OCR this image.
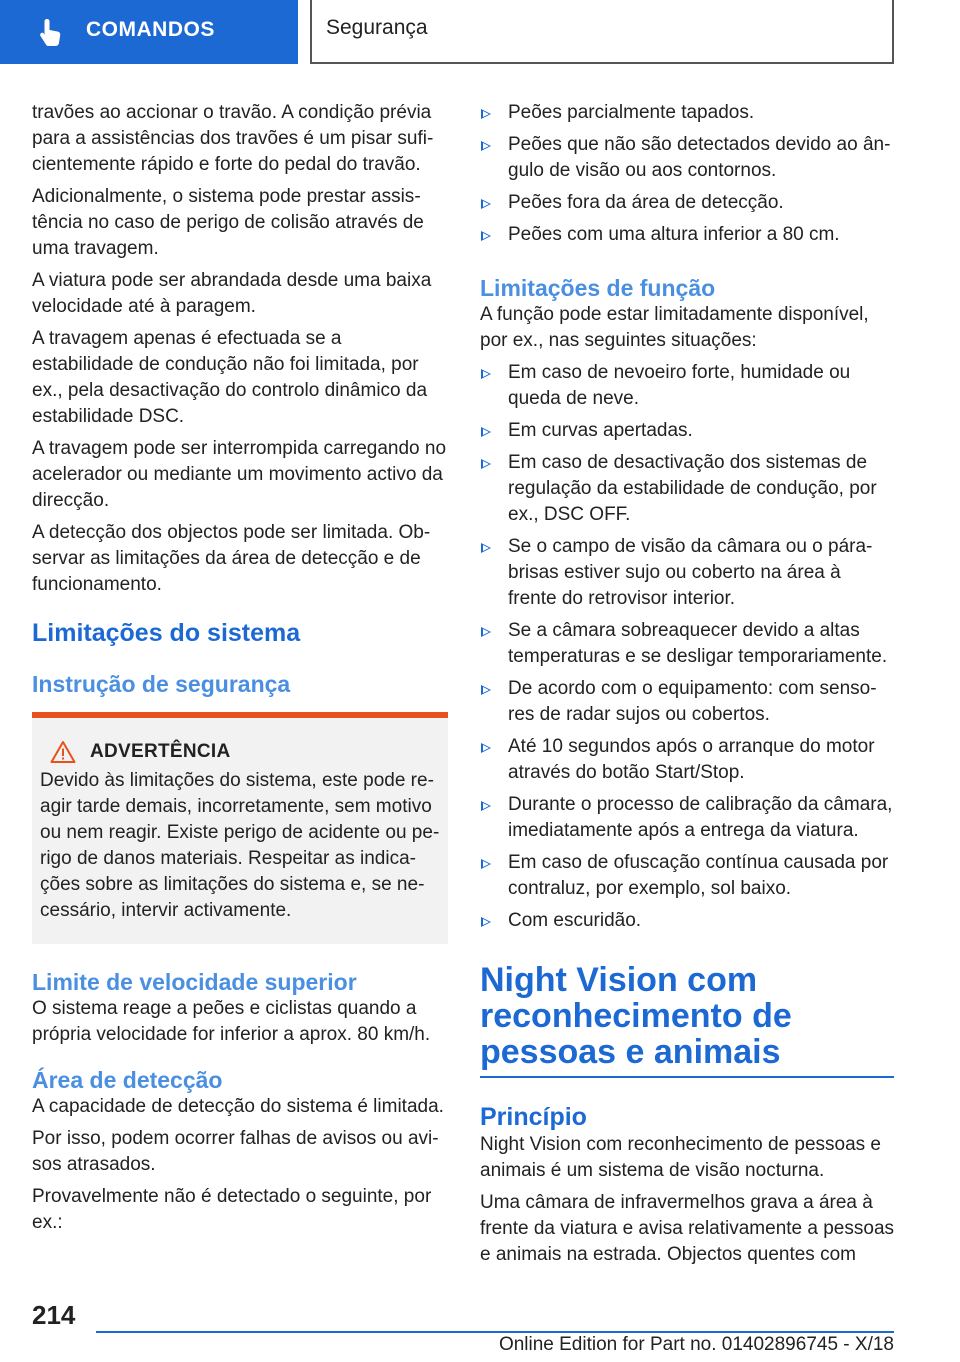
COMANDOS	Segurança

travões ao accionar o travão. A condição prévia para a assistências dos travões é um pisar suficientemente rápido e forte do pedal do travão.

Adicionalmente, o sistema pode prestar assistência no caso de perigo de colisão através de uma travagem.

A viatura pode ser abrandada desde uma baixa velocidade até à paragem.

A travagem apenas é efectuada se a estabilidade de condução não foi limitada, por ex., pela desactivação do controlo dinâmico da estabilidade DSC.

A travagem pode ser interrompida carregando no acelerador ou mediante um movimento activo da direcção.

A detecção dos objectos pode ser limitada. Observar as limitações da área de detecção e de funcionamento.

Limitações do sistema
Instrução de segurança
ADVERTÊNCIA

Devido às limitações do sistema, este pode reagir tarde demais, incorretamente, sem motivo ou nem reagir. Existe perigo de acidente ou perigo de danos materiais. Respeitar as indicações sobre as limitações do sistema e, se necessário, intervir activamente.

Limite de velocidade superior

O sistema reage a peões e ciclistas quando a própria velocidade for inferior a aprox. 80 km/h.

Área de detecção

A capacidade de detecção do sistema é limitada.

Por isso, podem ocorrer falhas de avisos ou avisos atrasados.

Provavelmente não é detectado o seguinte, por ex.:

Peões parcialmente tapados.
Peões que não são detectados devido ao ângulo de visão ou aos contornos.
Peões fora da área de detecção.
Peões com uma altura inferior a 80 cm.
Limitações de função

A função pode estar limitadamente disponível, por ex., nas seguintes situações:

Em caso de nevoeiro forte, humidade ou queda de neve.
Em curvas apertadas.
Em caso de desactivação dos sistemas de regulação da estabilidade de condução, por ex., DSC OFF.
Se o campo de visão da câmara ou o pára-brisas estiver sujo ou coberto na área à frente do retrovisor interior.
Se a câmara sobreaquecer devido a altas temperaturas e se desligar temporariamente.
De acordo com o equipamento: com sensores de radar sujos ou cobertos.
Até 10 segundos após o arranque do motor através do botão Start/Stop.
Durante o processo de calibração da câmara, imediatamente após a entrega da viatura.
Em caso de ofuscação contínua causada por contraluz, por exemplo, sol baixo.
Com escuridão.
Night Vision com reconhecimento de pessoas e animais
Princípio

Night Vision com reconhecimento de pessoas e animais é um sistema de visão nocturna.

Uma câmara de infravermelhos grava a área à frente da viatura e avisa relativamente a pessoas e animais na estrada. Objectos quentes com

214
Online Edition for Part no. 01402896745 - X/18
